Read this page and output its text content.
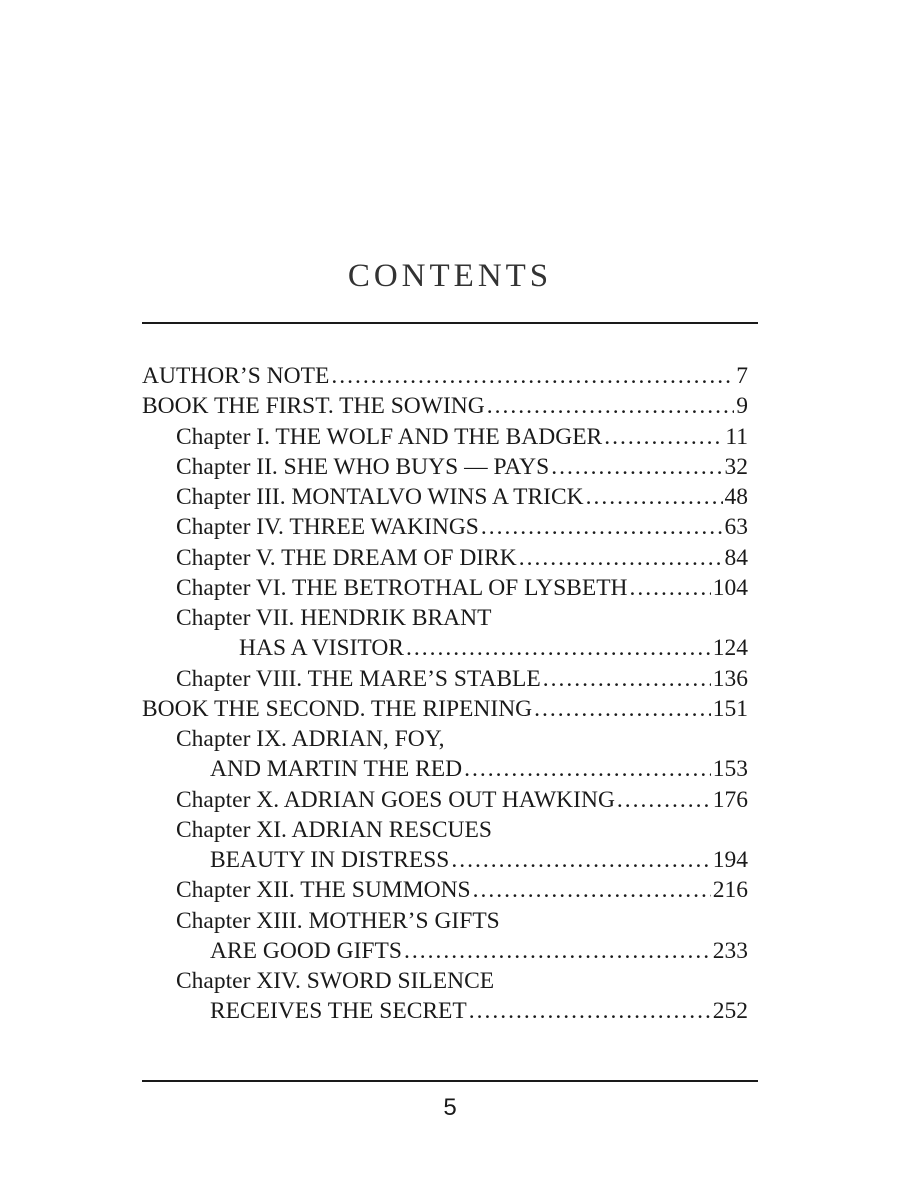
CONTENTS
AUTHOR’S NOTE .....	7
BOOK THE FIRST. THE SOWING .....	9
Chapter I. THE WOLF AND THE BADGER .....	11
Chapter II. SHE WHO BUYS — PAYS .....	32
Chapter III. MONTALVO WINS A TRICK .....	48
Chapter IV. THREE WAKINGS .....	63
Chapter V. THE DREAM OF DIRK .....	84
Chapter VI. THE BETROTHAL OF LYSBETH .....	104
Chapter VII. HENDRIK BRANT
HAS A VISITOR .....	124
Chapter VIII. THE MARE’S STABLE .....	136
BOOK THE SECOND. THE RIPENING .....	151
Chapter IX. ADRIAN, FOY,
AND MARTIN THE RED .....	153
Chapter X. ADRIAN GOES OUT HAWKING .....	176
Chapter XI. ADRIAN RESCUES
BEAUTY IN DISTRESS .....	194
Chapter XII. THE SUMMONS .....	216
Chapter XIII. MOTHER’S GIFTS
ARE GOOD GIFTS .....	233
Chapter XIV. SWORD SILENCE
RECEIVES THE SECRET .....	252
5
